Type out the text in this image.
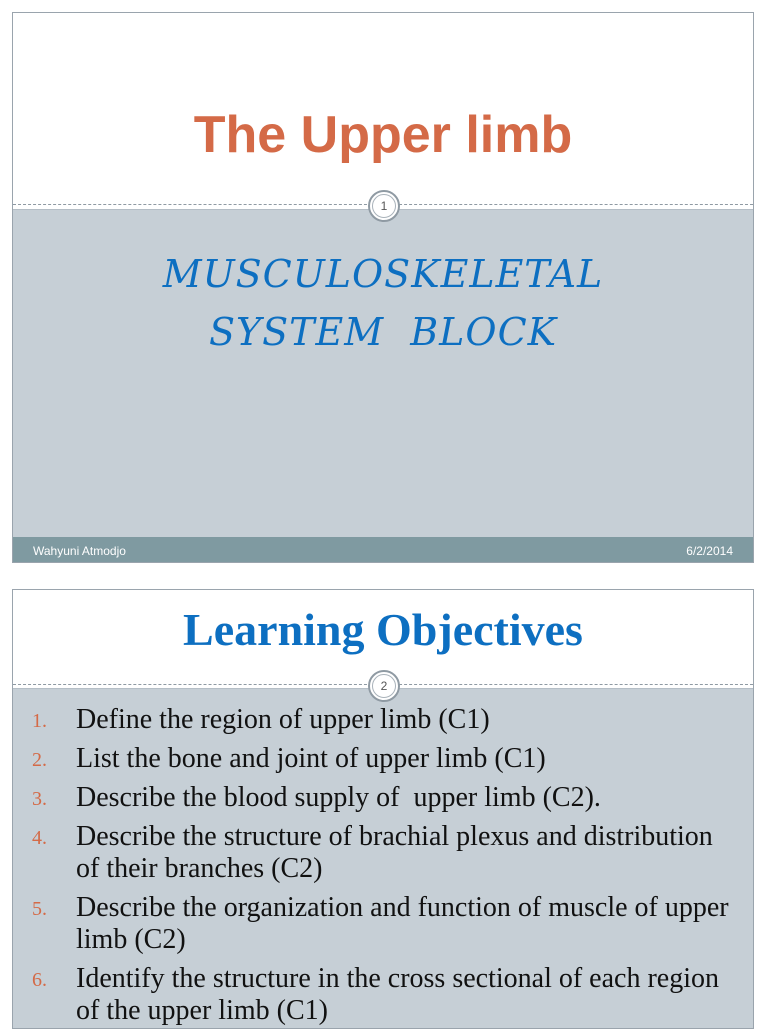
The Upper limb
MUSCULOSKELETAL
SYSTEM  BLOCK
1
Wahyuni Atmodjo	6/2/2014
Learning Objectives
1. Define the region of upper limb (C1)
2. List the bone and joint of upper limb (C1)
3. Describe the blood supply of  upper limb (C2).
4. Describe the structure of brachial plexus and distribution of their branches (C2)
5. Describe the organization and function of muscle of upper limb (C2)
6. Identify the structure in the cross sectional of each region of the upper limb (C1)
2
